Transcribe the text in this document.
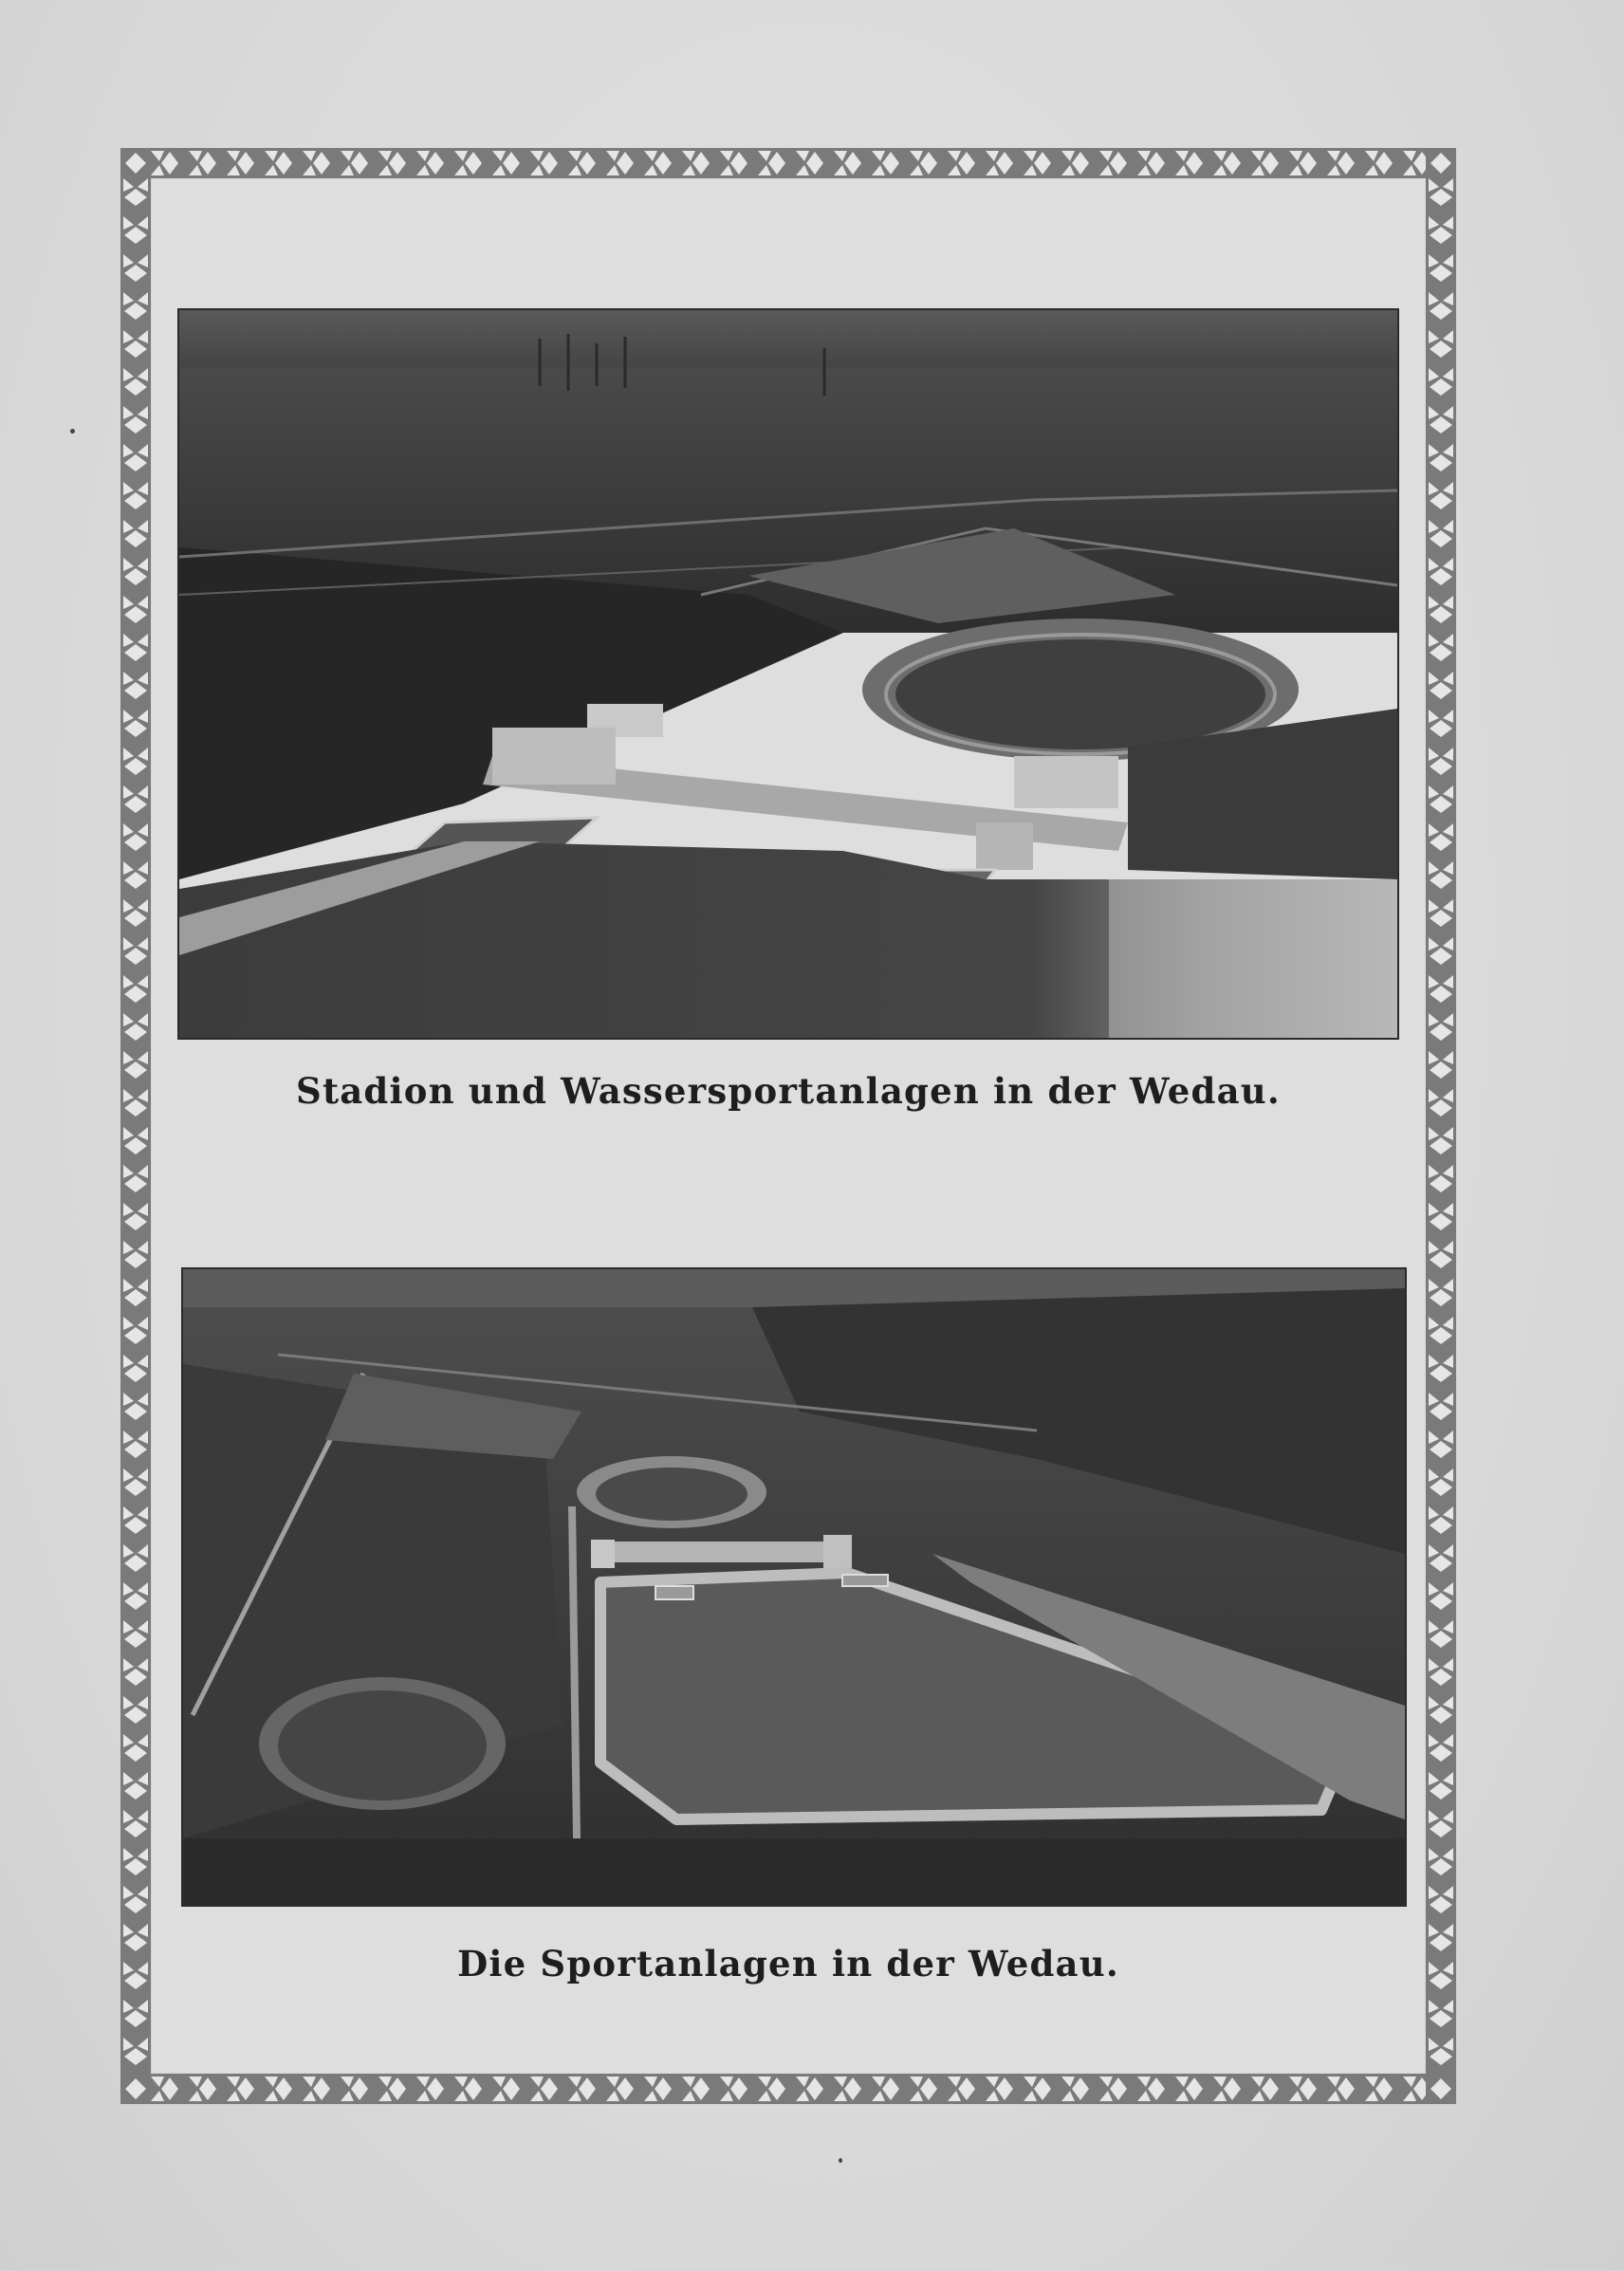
Stadion und Wassersportanlagen in der Wedau.

Die Sportanlagen in der Wedau.
